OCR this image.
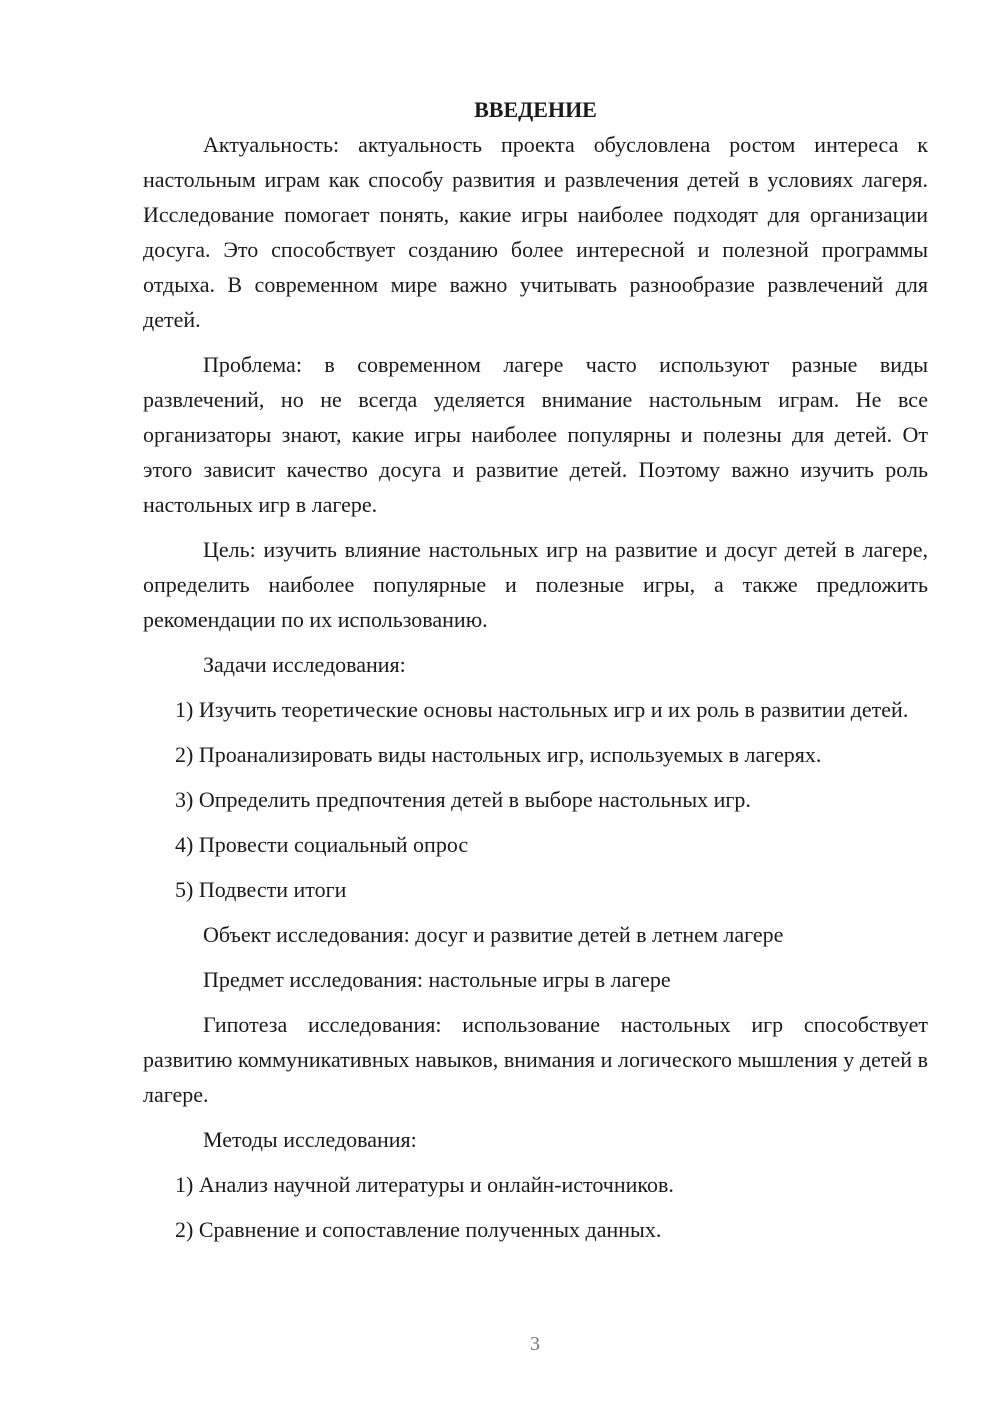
ВВЕДЕНИЕ

Актуальность: актуальность проекта обусловлена ростом интереса к настольным играм как способу развития и развлечения детей в условиях лагеря. Исследование помогает понять, какие игры наиболее подходят для организации досуга. Это способствует созданию более интересной и полезной программы отдыха. В современном мире важно учитывать разнообразие развлечений для детей.

Проблема: в современном лагере часто используют разные виды развлечений, но не всегда уделяется внимание настольным играм. Не все организаторы знают, какие игры наиболее популярны и полезны для детей. От этого зависит качество досуга и развитие детей. Поэтому важно изучить роль настольных игр в лагере.

Цель: изучить влияние настольных игр на развитие и досуг детей в лагере, определить наиболее популярные и полезные игры, а также предложить рекомендации по их использованию.

Задачи исследования:

1) Изучить теоретические основы настольных игр и их роль в развитии детей.

2) Проанализировать виды настольных игр, используемых в лагерях.

3) Определить предпочтения детей в выборе настольных игр.

4) Провести социальный опрос

5) Подвести итоги

Объект исследования: досуг и развитие детей в летнем лагере

Предмет исследования: настольные игры в лагере

Гипотеза исследования: использование настольных игр способствует развитию коммуникативных навыков, внимания и логического мышления у детей в лагере.

Методы исследования:

1) Анализ научной литературы и онлайн-источников.

2) Сравнение и сопоставление полученных данных.

3
